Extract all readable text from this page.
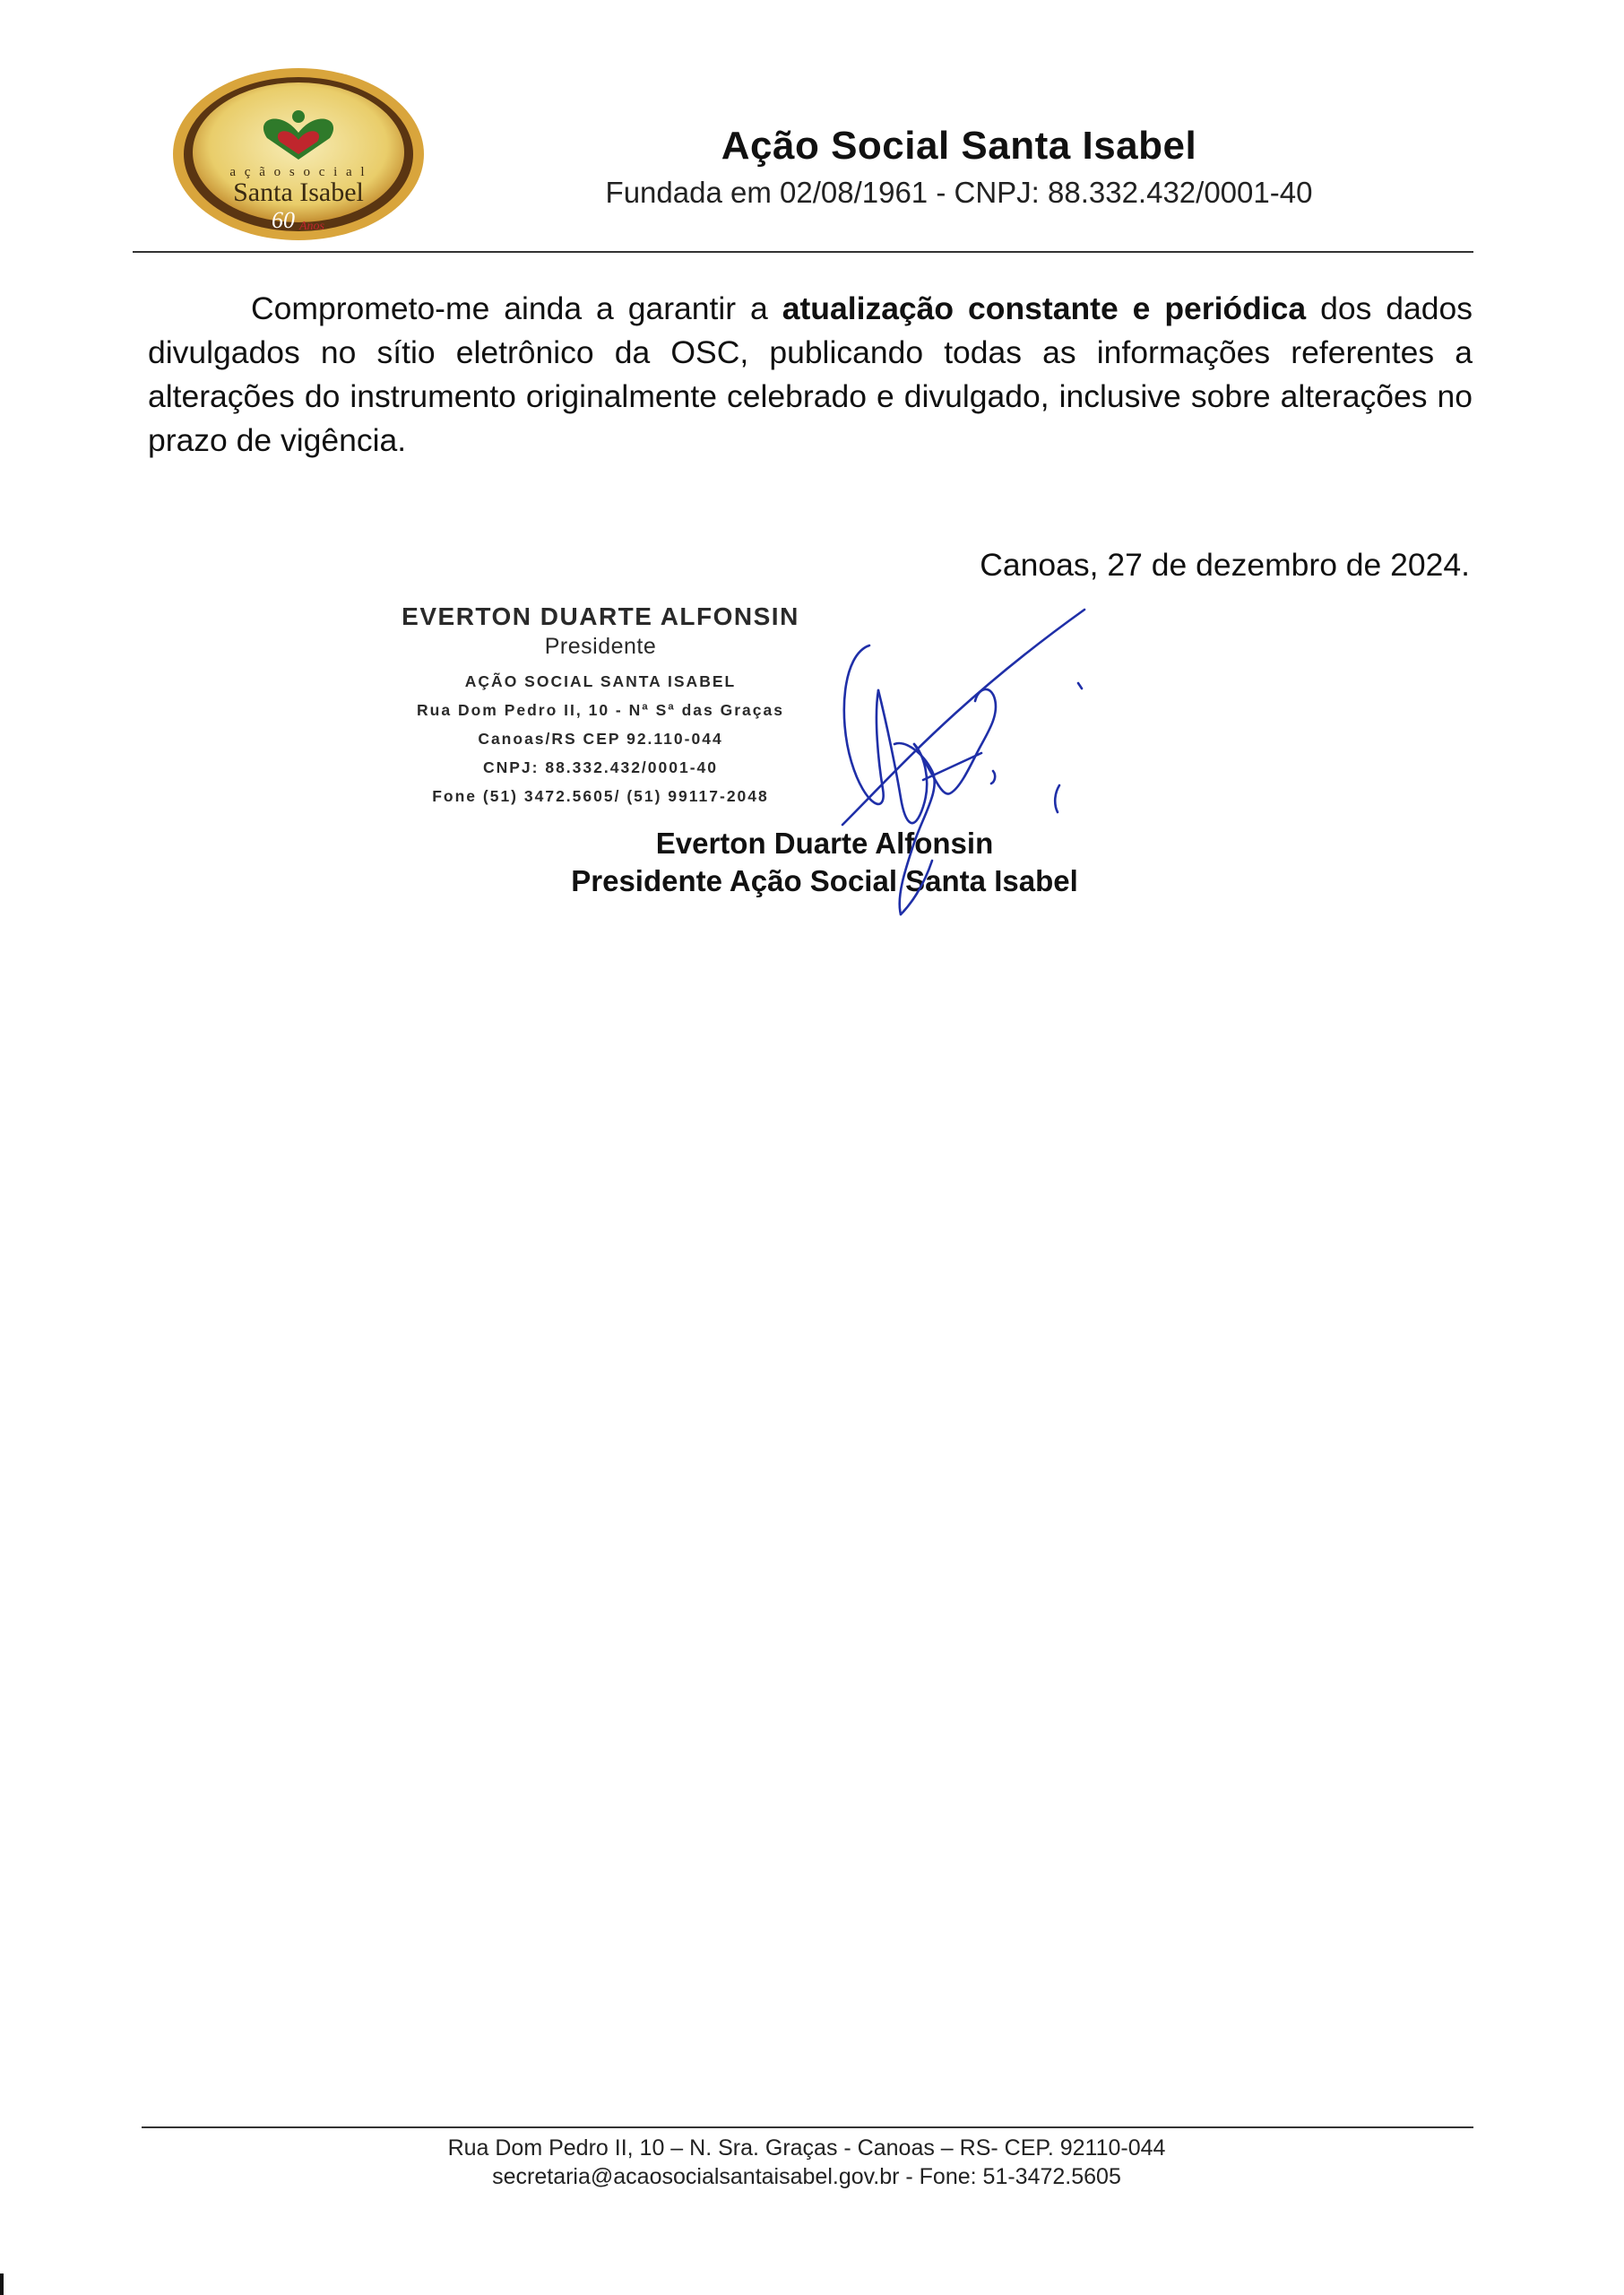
a ç ã o s o c i a l
Santa Isabel
60 Anos
Ação Social Santa Isabel
Fundada em 02/08/1961 - CNPJ: 88.332.432/0001-40
Comprometo-me ainda a garantir a atualização constante e periódica dos dados divulgados no sítio eletrônico da OSC, publicando todas as informações referentes a alterações do instrumento originalmente celebrado e divulgado, inclusive sobre alterações no prazo de vigência.
Canoas, 27 de dezembro de 2024.
EVERTON DUARTE ALFONSIN
Presidente
AÇÃO SOCIAL SANTA ISABEL
Rua Dom Pedro II, 10 - Nª Sª das Graças
Canoas/RS CEP 92.110-044
CNPJ: 88.332.432/0001-40
Fone (51) 3472.5605/ (51) 99117-2048
Everton Duarte Alfonsin
Presidente Ação Social Santa Isabel
Rua Dom Pedro II, 10 – N. Sra. Graças - Canoas – RS- CEP. 92110-044
secretaria@acaosocialsantaisabel.gov.br - Fone: 51-3472.5605
